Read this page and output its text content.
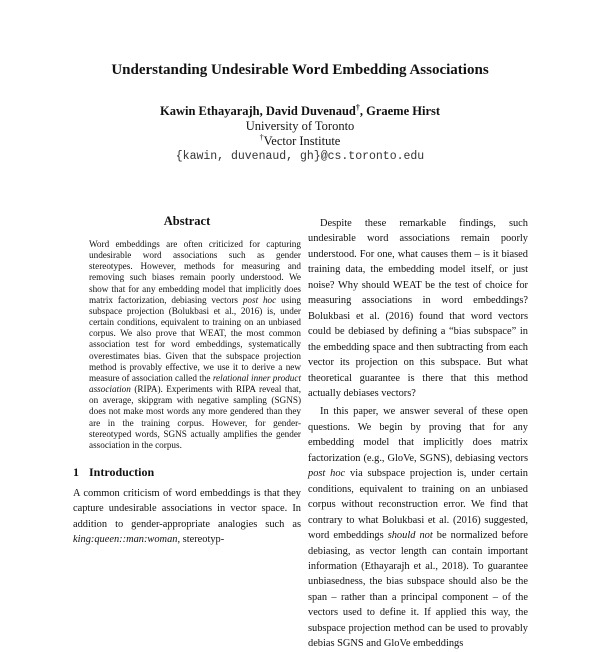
Understanding Undesirable Word Embedding Associations
Kawin Ethayarajh, David Duvenaud†, Graeme Hirst
University of Toronto
†Vector Institute
{kawin, duvenaud, gh}@cs.toronto.edu
Abstract
Word embeddings are often criticized for capturing undesirable word associations such as gender stereotypes. However, methods for measuring and removing such biases remain poorly understood. We show that for any embedding model that implicitly does matrix factorization, debiasing vectors post hoc using subspace projection (Bolukbasi et al., 2016) is, under certain conditions, equivalent to training on an unbiased corpus. We also prove that WEAT, the most common association test for word embeddings, systematically overestimates bias. Given that the subspace projection method is provably effective, we use it to derive a new measure of association called the relational inner product association (RIPA). Experiments with RIPA reveal that, on average, skipgram with negative sampling (SGNS) does not make most words any more gendered than they are in the training corpus. However, for gender-stereotyped words, SGNS actually amplifies the gender association in the corpus.
1 Introduction
A common criticism of word embeddings is that they capture undesirable associations in vector space. In addition to gender-appropriate analogies such as king:queen::man:woman, stereotyp-

Despite these remarkable findings, such undesirable word associations remain poorly understood. For one, what causes them – is it biased training data, the embedding model itself, or just noise? Why should WEAT be the test of choice for measuring associations in word embeddings? Bolukbasi et al. (2016) found that word vectors could be debiased by defining a “bias subspace” in the embedding space and then subtracting from each vector its projection on this subspace. But what theoretical guarantee is there that this method actually debiases vectors?

In this paper, we answer several of these open questions. We begin by proving that for any embedding model that implicitly does matrix factorization (e.g., GloVe, SGNS), debiasing vectors post hoc via subspace projection is, under certain conditions, equivalent to training on an unbiased corpus without reconstruction error. We find that contrary to what Bolukbasi et al. (2016) suggested, word embeddings should not be normalized before debiasing, as vector length can contain important information (Ethayarajh et al., 2018). To guarantee unbiasedness, the bias subspace should also be the span – rather than a principal component – of the vectors used to define it. If applied this way, the subspace projection method can be used to provably debias SGNS and GloVe embeddings
